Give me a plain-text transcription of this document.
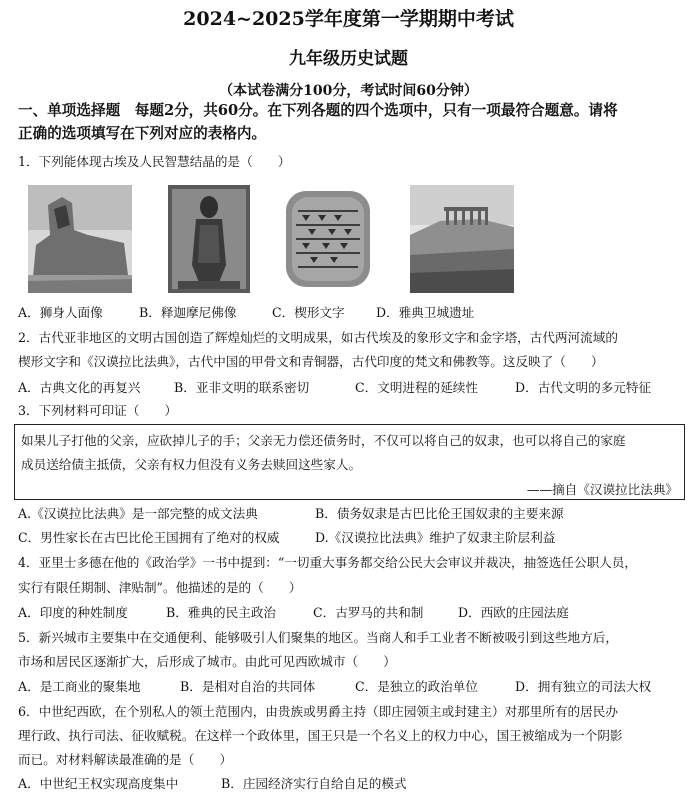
2024~2025学年度第一学期期中考试
九年级历史试题
（本试卷满分100分，考试时间60分钟）
一、单项选择题　每题2分，共60分。在下列各题的四个选项中，只有一项最符合题意。请将
正确的选项填写在下列对应的表格内。
1．下列能体现古埃及人民智慧结晶的是（　　）
A．狮身人面像	B．释迦摩尼佛像	C．楔形文字 D．雅典卫城遗址
2．古代亚非地区的文明古国创造了辉煌灿烂的文明成果，如古代埃及的象形文字和金字塔，古代两河流域的
楔形文字和《汉谟拉比法典》，古代中国的甲骨文和青铜器，古代印度的梵文和佛教等。这反映了（　　）
A．古典文化的再复兴	B．亚非文明的联系密切	C．文明进程的延续性	D．古代文明的多元特征
3．下列材料可印证（　　）
如果儿子打他的父亲，应砍掉儿子的手；父亲无力偿还债务时，不仅可以将自己的奴隶，也可以将自己的家庭
成员送给债主抵债，父亲有权力但没有义务去赎回这些家人。
——摘自《汉谟拉比法典》
A.《汉谟拉比法典》是一部完整的成文法典	B．债务奴隶是古巴比伦王国奴隶的主要来源
C．男性家长在古巴比伦王国拥有了绝对的权威	D.《汉谟拉比法典》维护了奴隶主阶层利益
4．亚里士多德在他的《政治学》一书中提到：“一切重大事务都交给公民大会审议并裁决，抽签选任公职人员，
实行有限任期制、津贴制”。他描述的是的（　　）
A．印度的种姓制度	B．雅典的民主政治	C．古罗马的共和制	D．西欧的庄园法庭
5．新兴城市主要集中在交通便利、能够吸引人们聚集的地区。当商人和手工业者不断被吸引到这些地方后，
市场和居民区逐渐扩大，后形成了城市。由此可见西欧城市（　　）
A．是工商业的聚集地	B．是相对自治的共同体	C．是独立的政治单位	D．拥有独立的司法大权
6．中世纪西欧，在个别私人的领土范围内，由贵族或男爵主持（即庄园领主或封建主）对那里所有的居民办
理行政、执行司法、征收赋税。在这样一个政体里，国王只是一个名义上的权力中心，国王被缩成为一个阴影
而已。对材料解读最准确的是（　　）
A．中世纪王权实现高度集中	B．庄园经济实行自给自足的模式
